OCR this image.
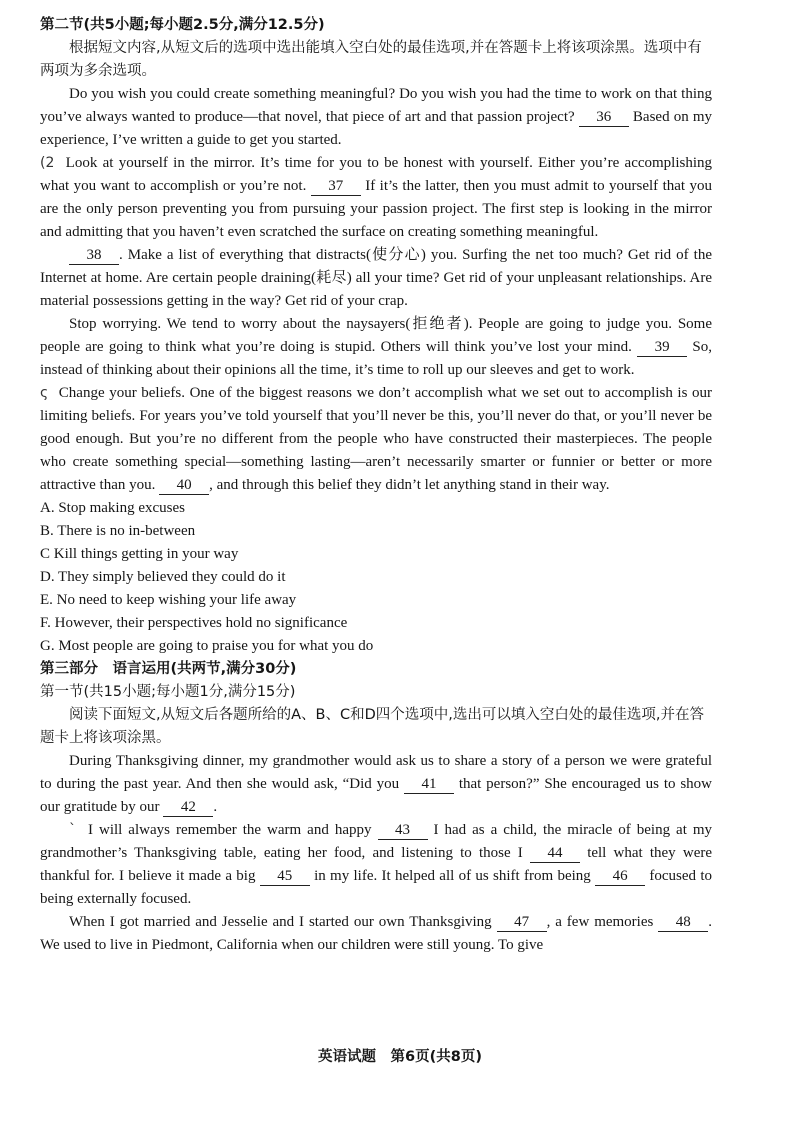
第二节(共5小题;每小题2.5分,满分12.5分)

根据短文内容,从短文后的选项中选出能填入空白处的最佳选项,并在答题卡上将该项涂黑。选项中有两项为多余选项。

Do you wish you could create something meaningful? Do you wish you had the time to work on that thing you’ve always wanted to produce—that novel, that piece of art and that passion project? 36 Based on my experience, I’ve written a guide to get you started.

(2 Look at yourself in the mirror. It’s time for you to be honest with yourself. Either you’re accomplishing what you want to accomplish or you’re not. 37 If it’s the latter, then you must admit to yourself that you are the only person preventing you from pursuing your passion project. The first step is looking in the mirror and admitting that you haven’t even scratched the surface on creating something meaningful.

38 . Make a list of everything that distracts(使分心) you. Surfing the net too much? Get rid of the Internet at home. Are certain people draining(耗尽) all your time? Get rid of your unpleasant relationships. Are material possessions getting in the way? Get rid of your crap.

Stop worrying. We tend to worry about the naysayers(拒绝者). People are going to judge you. Some people are going to think what you’re doing is stupid. Others will think you’ve lost your mind. 39 So, instead of thinking about their opinions all the time, it’s time to roll up our sleeves and get to work.

ς Change your beliefs. One of the biggest reasons we don’t accomplish what we set out to accomplish is our limiting beliefs. For years you’ve told yourself that you’ll never be this, you’ll never do that, or you’ll never be good enough. But you’re no different from the people who have constructed their masterpieces. The people who create something special—something lasting—aren’t necessarily smarter or funnier or better or more attractive than you. 40 , and through this belief they didn’t let anything stand in their way.

A. Stop making excuses

B. There is no in-between

C Kill things getting in your way

D. They simply believed they could do it

E. No need to keep wishing your life away

F. However, their perspectives hold no significance

G. Most people are going to praise you for what you do

第三部分　语言运用(共两节,满分30分)

第一节(共15小题;每小题1分,满分15分)

阅读下面短文,从短文后各题所给的A、B、C和D四个选项中,选出可以填入空白处的最佳选项,并在答题卡上将该项涂黑。

During Thanksgiving dinner, my grandmother would ask us to share a story of a person we were grateful to during the past year. And then she would ask, “Did you 41 that person?” She encouraged us to show our gratitude by our 42 .

` I will always remember the warm and happy 43 I had as a child, the miracle of being at my grandmother’s Thanksgiving table, eating her food, and listening to those I 44 tell what they were thankful for. I believe it made a big 45 in my life. It helped all of us shift from being 46 focused to being externally focused.

When I got married and Jesselie and I started our own Thanksgiving 47 , a few memories 48 . We used to live in Piedmont, California when our children were still young. To give

英语试题　第6页(共8页)
